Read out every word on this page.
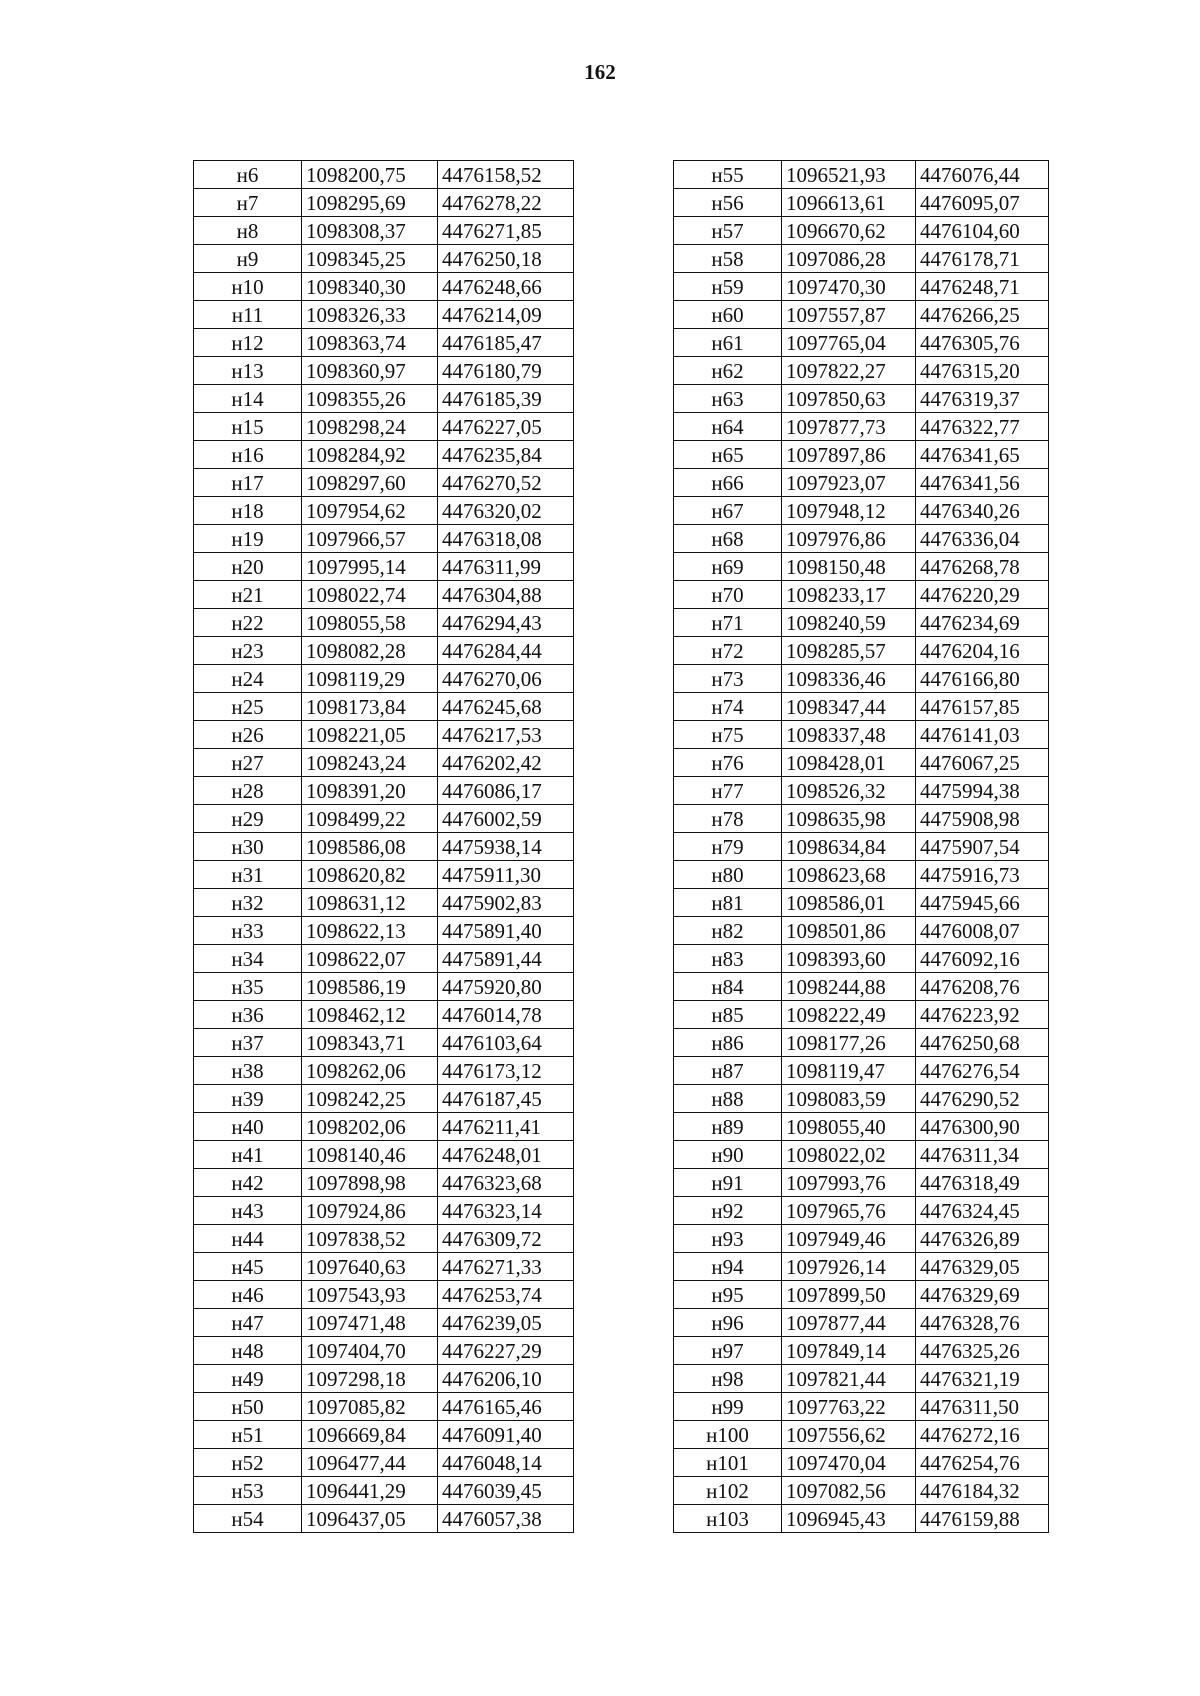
162
н6	1098200,75	4476158,52
н7	1098295,69	4476278,22
н8	1098308,37	4476271,85
н9	1098345,25	4476250,18
н10	1098340,30	4476248,66
н11	1098326,33	4476214,09
н12	1098363,74	4476185,47
н13	1098360,97	4476180,79
н14	1098355,26	4476185,39
н15	1098298,24	4476227,05
н16	1098284,92	4476235,84
н17	1098297,60	4476270,52
н18	1097954,62	4476320,02
н19	1097966,57	4476318,08
н20	1097995,14	4476311,99
н21	1098022,74	4476304,88
н22	1098055,58	4476294,43
н23	1098082,28	4476284,44
н24	1098119,29	4476270,06
н25	1098173,84	4476245,68
н26	1098221,05	4476217,53
н27	1098243,24	4476202,42
н28	1098391,20	4476086,17
н29	1098499,22	4476002,59
н30	1098586,08	4475938,14
н31	1098620,82	4475911,30
н32	1098631,12	4475902,83
н33	1098622,13	4475891,40
н34	1098622,07	4475891,44
н35	1098586,19	4475920,80
н36	1098462,12	4476014,78
н37	1098343,71	4476103,64
н38	1098262,06	4476173,12
н39	1098242,25	4476187,45
н40	1098202,06	4476211,41
н41	1098140,46	4476248,01
н42	1097898,98	4476323,68
н43	1097924,86	4476323,14
н44	1097838,52	4476309,72
н45	1097640,63	4476271,33
н46	1097543,93	4476253,74
н47	1097471,48	4476239,05
н48	1097404,70	4476227,29
н49	1097298,18	4476206,10
н50	1097085,82	4476165,46
н51	1096669,84	4476091,40
н52	1096477,44	4476048,14
н53	1096441,29	4476039,45
н54	1096437,05	4476057,38
н55	1096521,93	4476076,44
н56	1096613,61	4476095,07
н57	1096670,62	4476104,60
н58	1097086,28	4476178,71
н59	1097470,30	4476248,71
н60	1097557,87	4476266,25
н61	1097765,04	4476305,76
н62	1097822,27	4476315,20
н63	1097850,63	4476319,37
н64	1097877,73	4476322,77
н65	1097897,86	4476341,65
н66	1097923,07	4476341,56
н67	1097948,12	4476340,26
н68	1097976,86	4476336,04
н69	1098150,48	4476268,78
н70	1098233,17	4476220,29
н71	1098240,59	4476234,69
н72	1098285,57	4476204,16
н73	1098336,46	4476166,80
н74	1098347,44	4476157,85
н75	1098337,48	4476141,03
н76	1098428,01	4476067,25
н77	1098526,32	4475994,38
н78	1098635,98	4475908,98
н79	1098634,84	4475907,54
н80	1098623,68	4475916,73
н81	1098586,01	4475945,66
н82	1098501,86	4476008,07
н83	1098393,60	4476092,16
н84	1098244,88	4476208,76
н85	1098222,49	4476223,92
н86	1098177,26	4476250,68
н87	1098119,47	4476276,54
н88	1098083,59	4476290,52
н89	1098055,40	4476300,90
н90	1098022,02	4476311,34
н91	1097993,76	4476318,49
н92	1097965,76	4476324,45
н93	1097949,46	4476326,89
н94	1097926,14	4476329,05
н95	1097899,50	4476329,69
н96	1097877,44	4476328,76
н97	1097849,14	4476325,26
н98	1097821,44	4476321,19
н99	1097763,22	4476311,50
н100	1097556,62	4476272,16
н101	1097470,04	4476254,76
н102	1097082,56	4476184,32
н103	1096945,43	4476159,88
